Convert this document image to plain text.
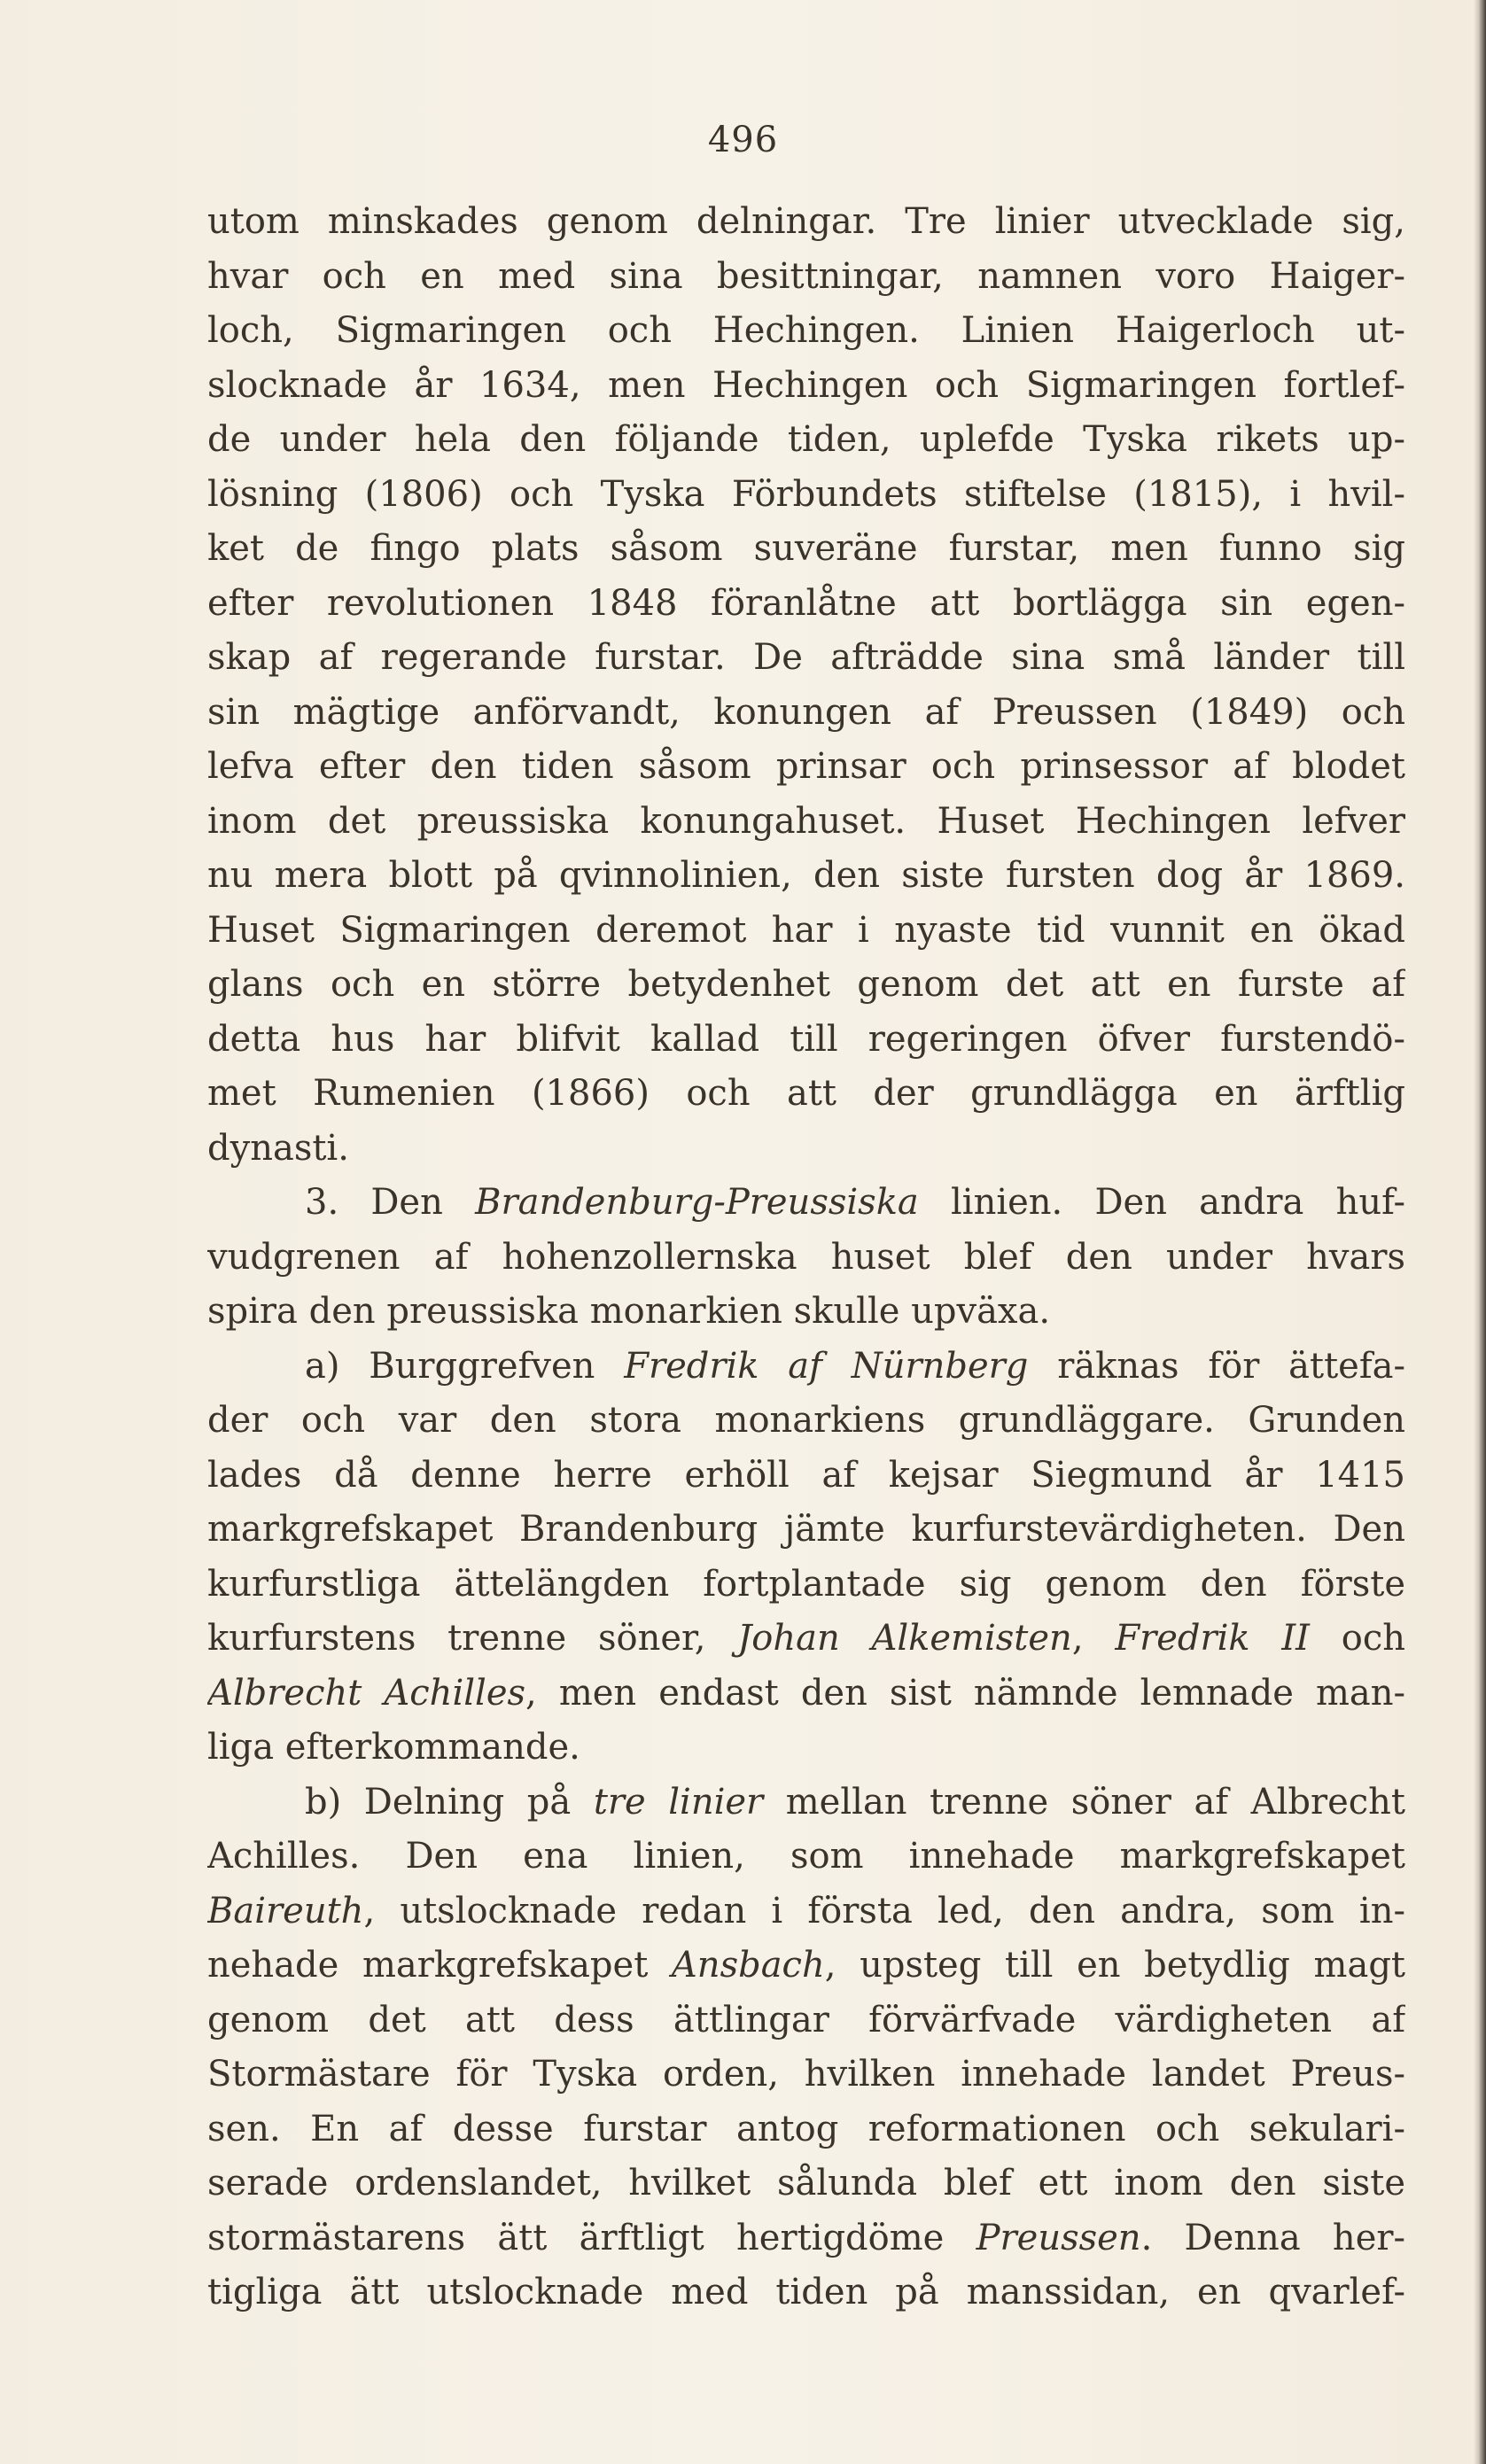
496
utom minskades genom delningar. Tre linier utvecklade sig,
hvar och en med sina besittningar, namnen voro Haiger-
loch, Sigmaringen och Hechingen. Linien Haigerloch ut-
slocknade år 1634, men Hechingen och Sigmaringen fortlef-
de under hela den följande tiden, uplefde Tyska rikets up-
lösning (1806) och Tyska Förbundets stiftelse (1815), i hvil-
ket de fingo plats såsom suveräne furstar, men funno sig
efter revolutionen 1848 föranlåtne att bortlägga sin egen-
skap af regerande furstar. De afträdde sina små länder till
sin mägtige anförvandt, konungen af Preussen (1849) och
lefva efter den tiden såsom prinsar och prinsessor af blodet
inom det preussiska konungahuset. Huset Hechingen lefver
nu mera blott på qvinnolinien, den siste fursten dog år 1869.
Huset Sigmaringen deremot har i nyaste tid vunnit en ökad
glans och en större betydenhet genom det att en furste af
detta hus har blifvit kallad till regeringen öfver furstendö-
met Rumenien (1866) och att der grundlägga en ärftlig
dynasti.
3. Den Brandenburg-Preussiska linien. Den andra huf-
vudgrenen af hohenzollernska huset blef den under hvars
spira den preussiska monarkien skulle upväxa.
a) Burggrefven Fredrik af Nürnberg räknas för ättefa-
der och var den stora monarkiens grundläggare. Grunden
lades då denne herre erhöll af kejsar Siegmund år 1415
markgrefskapet Brandenburg jämte kurfurstevärdigheten. Den
kurfurstliga ättelängden fortplantade sig genom den förste
kurfurstens trenne söner, Johan Alkemisten, Fredrik II och
Albrecht Achilles, men endast den sist nämnde lemnade man-
liga efterkommande.
b) Delning på tre linier mellan trenne söner af Albrecht
Achilles. Den ena linien, som innehade markgrefskapet
Baireuth, utslocknade redan i första led, den andra, som in-
nehade markgrefskapet Ansbach, upsteg till en betydlig magt
genom det att dess ättlingar förvärfvade värdigheten af
Stormästare för Tyska orden, hvilken innehade landet Preus-
sen. En af desse furstar antog reformationen och sekulari-
serade ordenslandet, hvilket sålunda blef ett inom den siste
stormästarens ätt ärftligt hertigdöme Preussen. Denna her-
tigliga ätt utslocknade med tiden på manssidan, en qvarlef-
